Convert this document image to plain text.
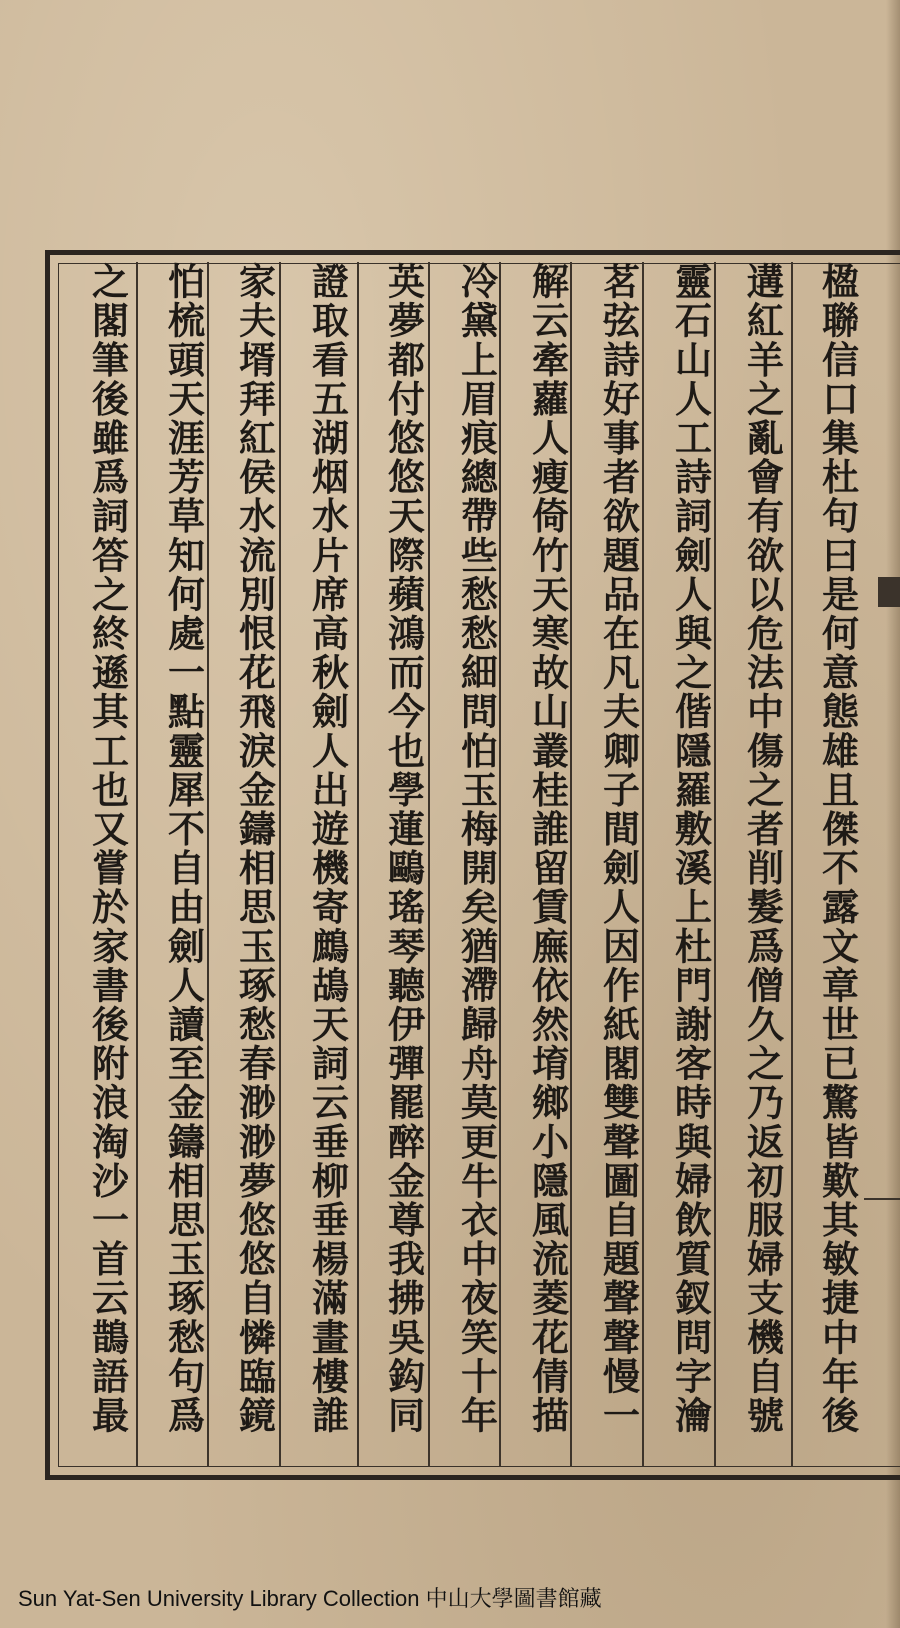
楹聯信口集杜句曰是何意態雄且傑不露文章世已驚皆歎其敏捷中年後
遘紅羊之亂會有欲以危法中傷之者削髮爲僧久之乃返初服婦支機自號
靈石山人工詩詞劍人與之偕隱羅敷溪上杜門謝客時與婦飲質釵問字瀹
茗弦詩好事者欲題品在凡夫卿子間劍人因作紙閣雙聲圖自題聲聲慢一
解云牽蘿人瘦倚竹天寒故山叢桂誰留賃廡依然堉鄉小隱風流菱花倩描
冷黛上眉痕總帶些愁愁細問怕玉梅開矣猶滯歸舟莫更牛衣中夜笑十年
英夢都付悠悠天際蘋鴻而今也學蓮鷗瑤琴聽伊彈罷醉金尊我拂吳鈎同
證取看五湖烟水片席高秋劍人出遊機寄鷓鴣天詞云垂柳垂楊滿畫樓誰
家夫壻拜紅侯水流別恨花飛淚金鑄相思玉琢愁春渺渺夢悠悠自憐臨鏡
怕梳頭天涯芳草知何處一點靈犀不自由劍人讀至金鑄相思玉琢愁句爲
之閣筆後雖爲詞答之終遜其工也又嘗於家書後附浪淘沙一首云鵲語最
Sun Yat-Sen University Library Collection 中山大學圖書館藏
